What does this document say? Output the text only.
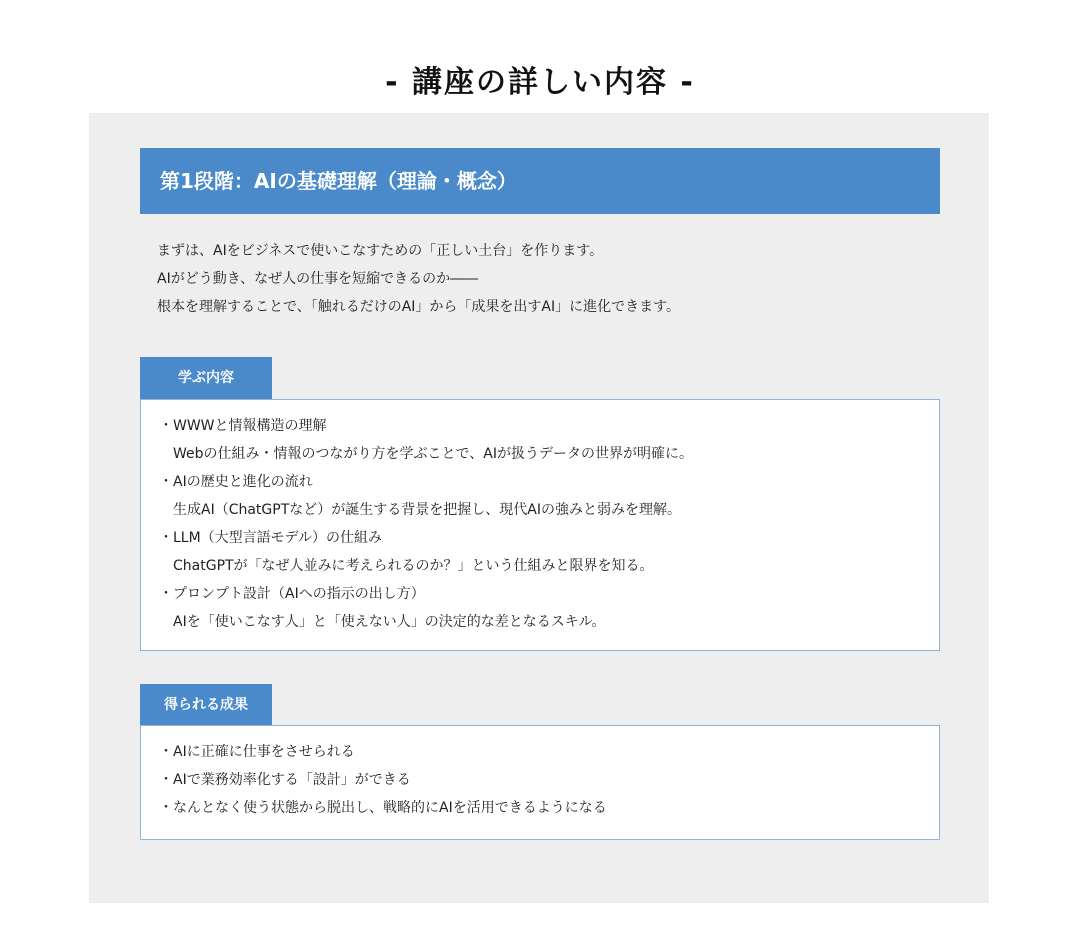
- 講座の詳しい内容 -
第1段階：AIの基礎理解（理論・概念）

まずは、AIをビジネスで使いこなすための「正しい土台」を作ります。

AIがどう動き、なぜ人の仕事を短縮できるのか――

根本を理解することで、「触れるだけのAI」から「成果を出すAI」に進化できます。

学ぶ内容
・WWWと情報構造の理解
Webの仕組み・情報のつながり方を学ぶことで、AIが扱うデータの世界が明確に。
・AIの歴史と進化の流れ
生成AI（ChatGPTなど）が誕生する背景を把握し、現代AIの強みと弱みを理解。
・LLM（大型言語モデル）の仕組み
ChatGPTが「なぜ人並みに考えられるのか？」という仕組みと限界を知る。
・プロンプト設計（AIへの指示の出し方）
AIを「使いこなす人」と「使えない人」の決定的な差となるスキル。
得られる成果
・AIに正確に仕事をさせられる
・AIで業務効率化する「設計」ができる
・なんとなく使う状態から脱出し、戦略的にAIを活用できるようになる
